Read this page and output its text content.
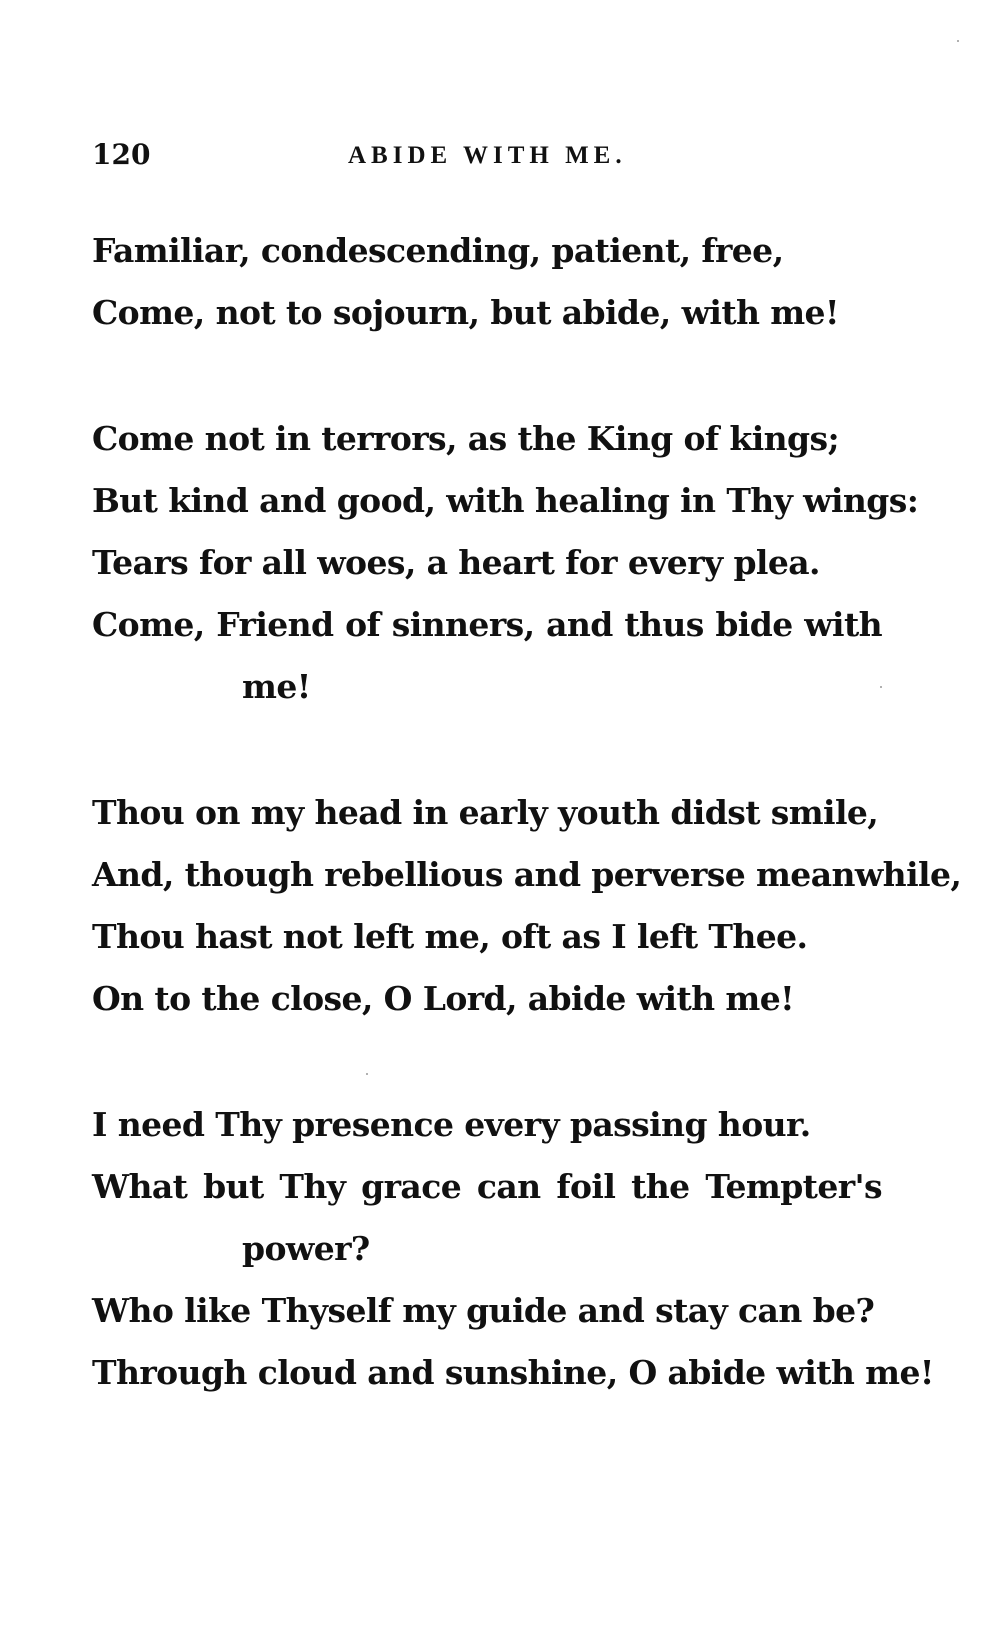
120	ABIDE WITH ME.
Familiar, condescending, patient, free,
Come, not to sojourn, but abide, with me!
Come not in terrors, as the King of kings;
But kind and good, with healing in Thy wings:
Tears for all woes, a heart for every plea.
Come, Friend of sinners, and thus bide with
me!
Thou on my head in early youth didst smile,
And, though rebellious and perverse meanwhile,
Thou hast not left me, oft as I left Thee.
On to the close, O Lord, abide with me!
I need Thy presence every passing hour.
What but Thy grace can foil the Tempter's
power?
Who like Thyself my guide and stay can be?
Through cloud and sunshine, O abide with me!
